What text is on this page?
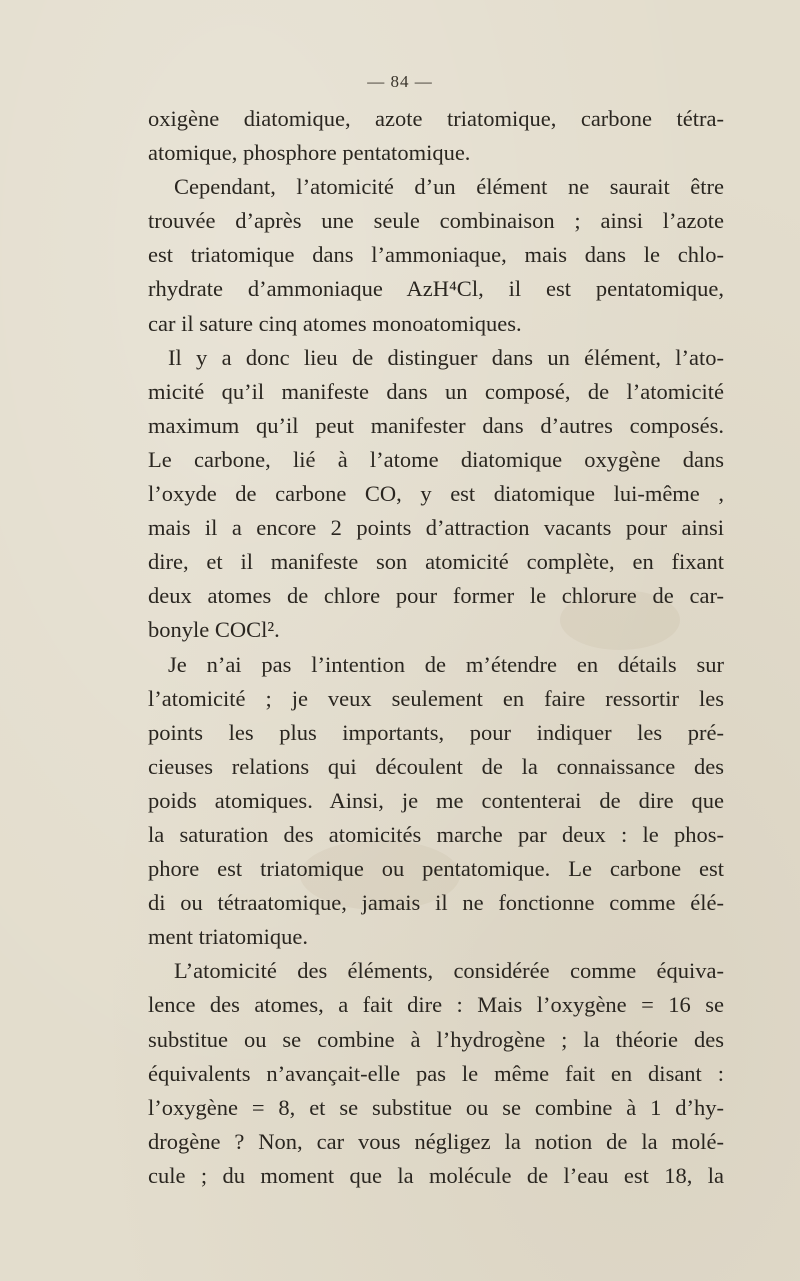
— 84 —
oxigène diatomique, azote triatomique, carbone tétra-
atomique, phosphore pentatomique.
Cependant, l’atomicité d’un élément ne saurait être
trouvée d’après une seule combinaison ; ainsi l’azote
est triatomique dans l’ammoniaque, mais dans le chlo-
rhydrate d’ammoniaque AzH⁴Cl, il est pentatomique,
car il sature cinq atomes monoatomiques.
Il y a donc lieu de distinguer dans un élément, l’ato-
micité qu’il manifeste dans un composé, de l’atomicité
maximum qu’il peut manifester dans d’autres composés.
Le carbone, lié à l’atome diatomique oxygène dans
l’oxyde de carbone CO, y est diatomique lui-même ,
mais il a encore 2 points d’attraction vacants pour ainsi
dire, et il manifeste son atomicité complète, en fixant
deux atomes de chlore pour former le chlorure de car-
bonyle COCl².
Je n’ai pas l’intention de m’étendre en détails sur
l’atomicité ; je veux seulement en faire ressortir les
points les plus importants, pour indiquer les pré-
cieuses relations qui découlent de la connaissance des
poids atomiques. Ainsi, je me contenterai de dire que
la saturation des atomicités marche par deux : le phos-
phore est triatomique ou pentatomique. Le carbone est
di ou tétraatomique, jamais il ne fonctionne comme élé-
ment triatomique.
L’atomicité des éléments, considérée comme équiva-
lence des atomes, a fait dire : Mais l’oxygène = 16 se
substitue ou se combine à l’hydrogène ; la théorie des
équivalents n’avançait-elle pas le même fait en disant :
l’oxygène = 8, et se substitue ou se combine à 1 d’hy-
drogène ? Non, car vous négligez la notion de la molé-
cule ; du moment que la molécule de l’eau est 18, la
